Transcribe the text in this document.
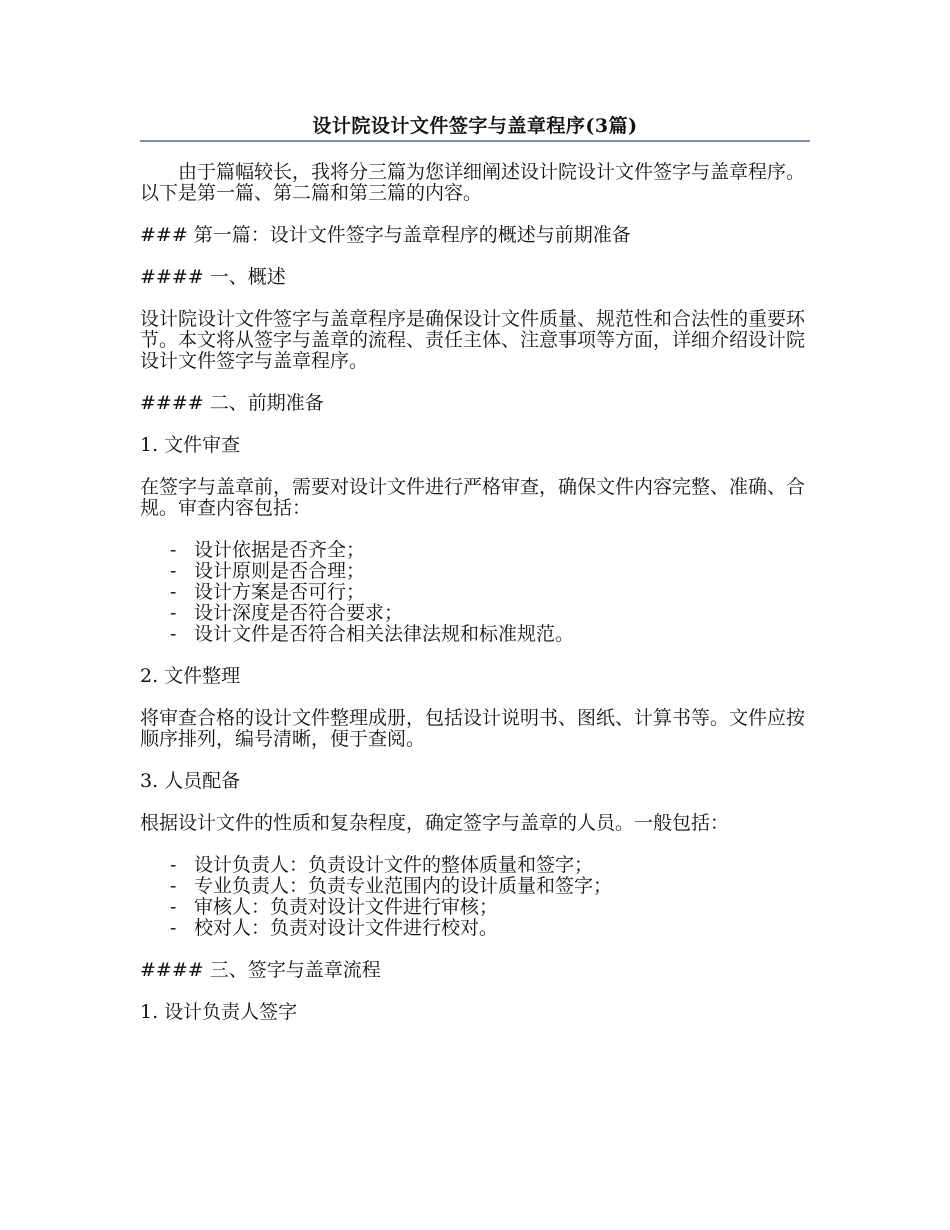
设计院设计文件签字与盖章程序(3篇)

由于篇幅较长，我将分三篇为您详细阐述设计院设计文件签字与盖章程序。以下是第一篇、第二篇和第三篇的内容。

### 第一篇：设计文件签字与盖章程序的概述与前期准备

#### 一、概述

设计院设计文件签字与盖章程序是确保设计文件质量、规范性和合法性的重要环节。本文将从签字与盖章的流程、责任主体、注意事项等方面，详细介绍设计院设计文件签字与盖章程序。

#### 二、前期准备

1. 文件审查

在签字与盖章前，需要对设计文件进行严格审查，确保文件内容完整、准确、合规。审查内容包括：

- 设计依据是否齐全；
- 设计原则是否合理；
- 设计方案是否可行；
- 设计深度是否符合要求；
- 设计文件是否符合相关法律法规和标准规范。

2. 文件整理

将审查合格的设计文件整理成册，包括设计说明书、图纸、计算书等。文件应按顺序排列，编号清晰，便于查阅。

3. 人员配备

根据设计文件的性质和复杂程度，确定签字与盖章的人员。一般包括：

- 设计负责人：负责设计文件的整体质量和签字；
- 专业负责人：负责专业范围内的设计质量和签字；
- 审核人：负责对设计文件进行审核；
- 校对人：负责对设计文件进行校对。

#### 三、签字与盖章流程

1. 设计负责人签字
